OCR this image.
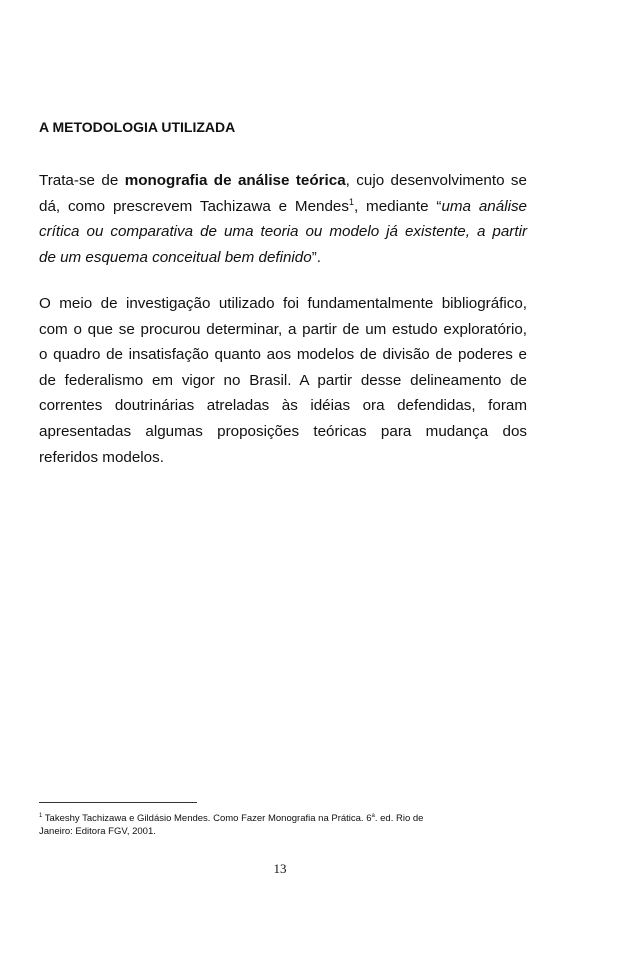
A METODOLOGIA UTILIZADA

Trata-se de monografia de análise teórica, cujo desenvolvimento se
dá, como prescrevem Tachizawa e Mendes$^1$, mediante “uma análise
crítica ou comparativa de uma teoria ou modelo já existente, a partir
de um esquema conceitual bem definido”.

O meio de investigação utilizado foi fundamentalmente bibliográfico,
com o que se procurou determinar, a partir de um estudo exploratório,
o quadro de insatisfação quanto aos modelos de divisão de poderes e
de federalismo em vigor no Brasil. A partir desse delineamento de
correntes doutrinárias atreladas às idéias ora defendidas, foram
apresentadas algumas proposições teóricas para mudança dos
referidos modelos.

$^1$ Takeshy Tachizawa e Gildásio Mendes. Como Fazer Monografia na Prática. 6$^a$. ed. Rio de
Janeiro: Editora FGV, 2001.

13
